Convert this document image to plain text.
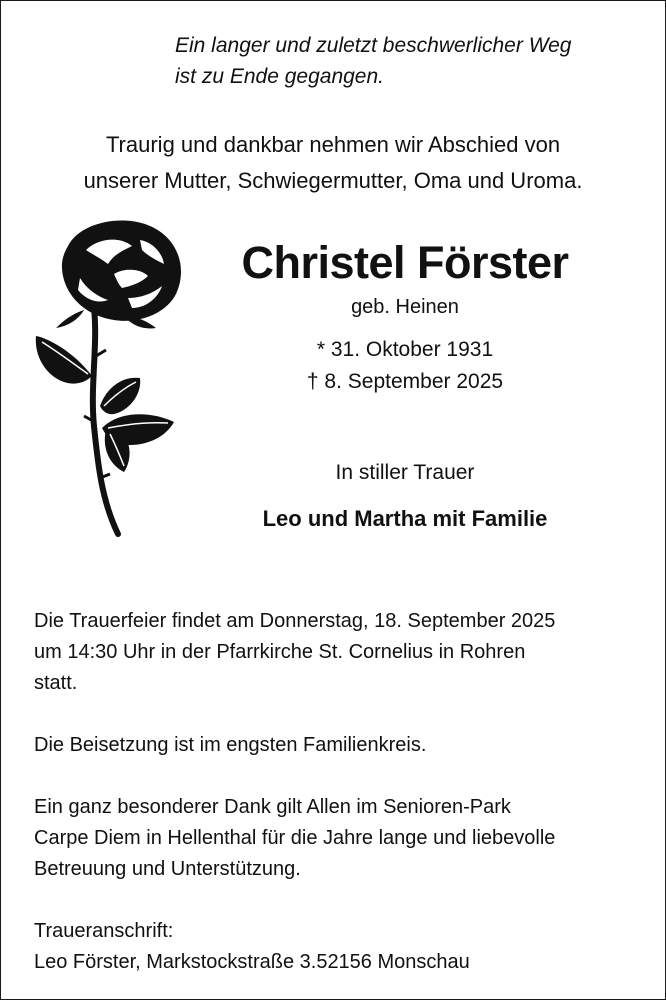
Ein langer und zuletzt beschwerlicher Weg
ist zu Ende gegangen.
Traurig und dankbar nehmen wir Abschied von
unserer Mutter, Schwiegermutter, Oma und Uroma.
Christel Förster
geb. Heinen
* 31. Oktober 1931
† 8. September 2025
In stiller Trauer
Leo und Martha mit Familie
Die Trauerfeier findet am Donnerstag, 18. September 2025
um 14:30 Uhr in der Pfarrkirche St. Cornelius in Rohren
statt.
Die Beisetzung ist im engsten Familienkreis.
Ein ganz besonderer Dank gilt Allen im Senioren-Park
Carpe Diem in Hellenthal für die Jahre lange und liebevolle
Betreuung und Unterstützung.
Traueranschrift:
Leo Förster, Markstockstraße 3.52156 Monschau
